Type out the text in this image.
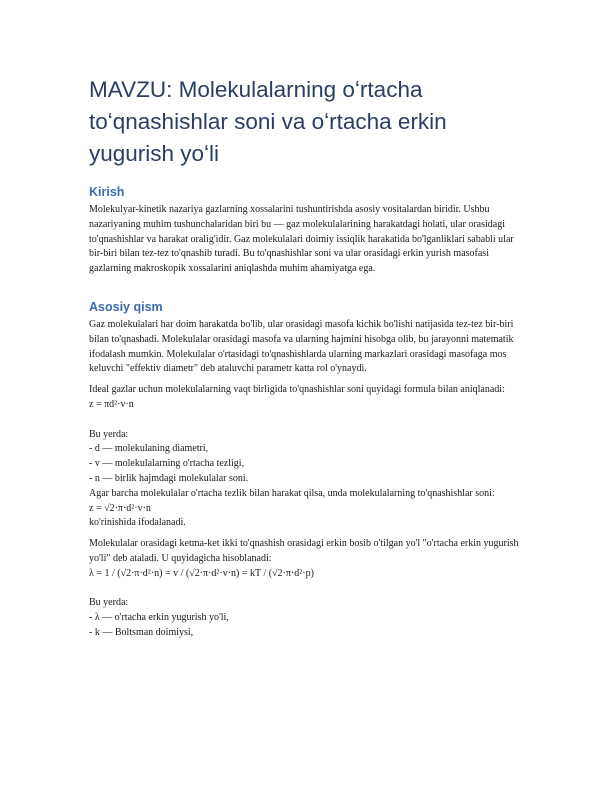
MAVZU: Molekulalarning oʻrtacha toʻqnashishlar soni va oʻrtacha erkin yugurish yoʻli
Kirish

Molekulyar-kinetik nazariya gazlarning xossalarini tushuntirishda asosiy vositalardan biridir. Ushbu nazariyaning muhim tushunchalaridan biri bu — gaz molekulalarining harakatdagi holati, ular orasidagi to'qnashishlar va harakat oralig'idir. Gaz molekulalari doimiy issiqlik harakatida bo'lganliklari sababli ular bir-biri bilan tez-tez to'qnashib turadi. Bu to'qnashishlar soni va ular orasidagi erkin yurish masofasi gazlarning makroskopik xossalarini aniqlashda muhim ahamiyatga ega.

Asosiy qism

Gaz molekulalari har doim harakatda bo'lib, ular orasidagi masofa kichik bo'lishi natijasida tez-tez bir-biri bilan to'qnashadi. Molekulalar orasidagi masofa va ularning hajmini hisobga olib, bu jarayonni matematik ifodalash mumkin. Molekulalar o'rtasidagi to'qnashishlarda ularning markazlari orasidagi masofaga mos keluvchi "effektiv diametr" deb ataluvchi parametr katta rol o'ynaydi.

Ideal gazlar uchun molekulalarning vaqt birligida to'qnashishlar soni quyidagi formula bilan aniqlanadi:

z = πd²·v·n

Bu yerda:

- d — molekulaning diametri,

- v — molekulalarning o'rtacha tezligi,

- n — birlik hajmdagi molekulalar soni.

Agar barcha molekulalar o'rtacha tezlik bilan harakat qilsa, unda molekulalarning to'qnashishlar soni:

z = √2·π·d²·v·n

ko'rinishida ifodalanadi.

Molekulalar orasidagi ketma-ket ikki to'qnashish orasidagi erkin bosib o'tilgan yo'l "o'rtacha erkin yugurish yo'li" deb ataladi. U quyidagicha hisoblanadi:

λ = 1 / (√2·π·d²·n) = v / (√2·π·d²·v·n) = kT / (√2·π·d²·p)

Bu yerda:

- λ — o'rtacha erkin yugurish yo'li,

- k — Boltsman doimiysi,
